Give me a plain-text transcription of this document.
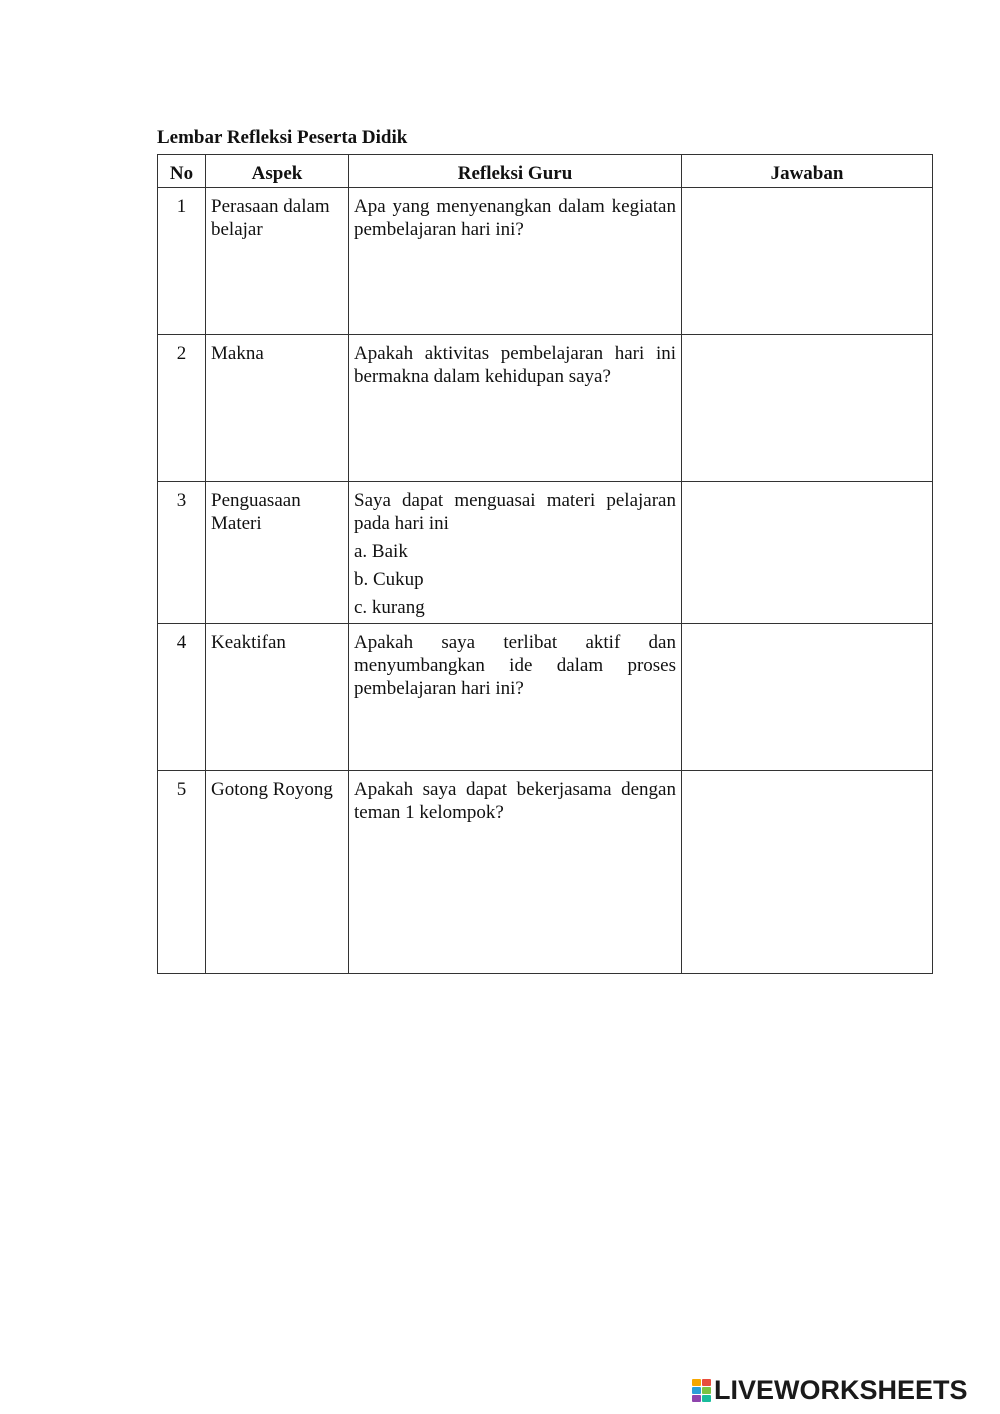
Lembar Refleksi Peserta Didik
No	Aspek	Refleksi Guru	Jawaban
1	Perasaan dalam belajar	Apa yang menyenangkan dalam kegiatan pembelajaran hari ini?	
2	Makna	Apakah aktivitas pembelajaran hari ini bermakna dalam kehidupan saya?	
3	Penguasaan Materi	Saya dapat menguasai materi pelajaran pada hari ini
a. Baik
b. Cukup
c. kurang	

4	Keaktifan	Apakah saya terlibat aktif dan menyumbangkan ide dalam proses pembelajaran hari ini?	
5	Gotong Royong	Apakah saya dapat bekerjasama dengan teman 1 kelompok?	
LIVEWORKSHEETS
